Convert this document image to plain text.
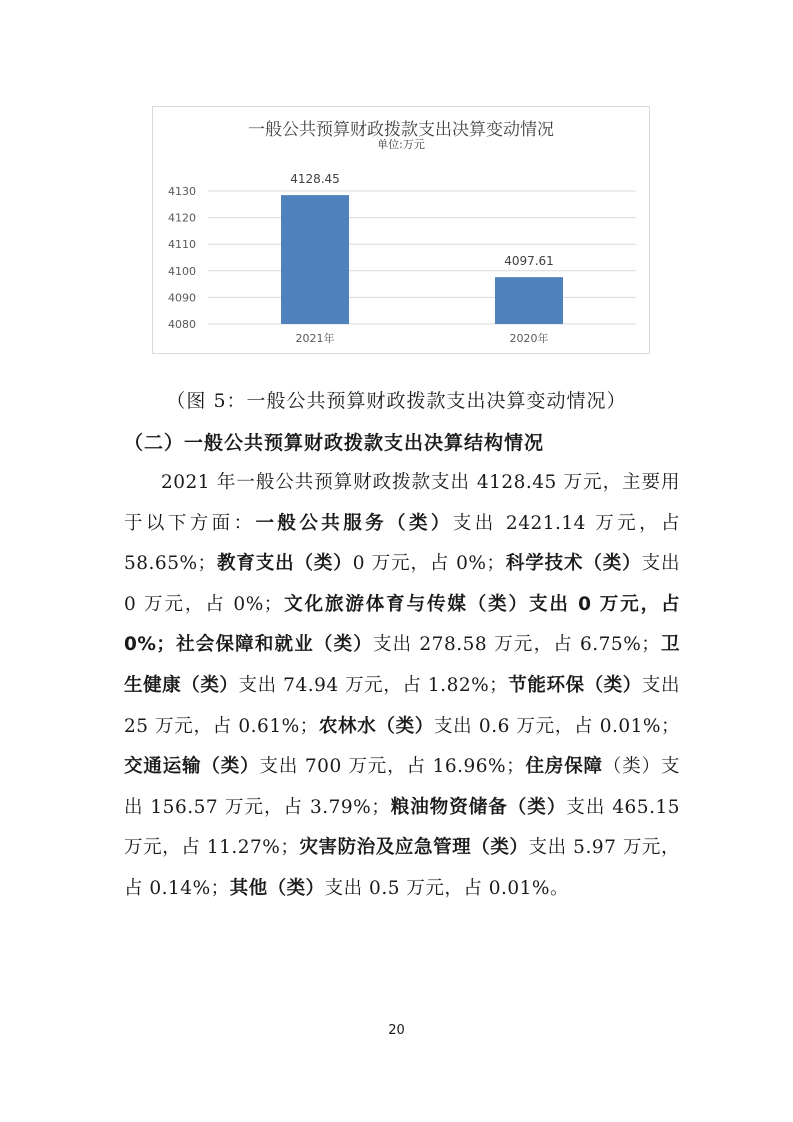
一般公共预算财政拨款支出决算变动情况
单位:万元
4080
4090
4100
4110
4120
4130
4128.45
2021年
4097.61
2020年
（图 5：一般公共预算财政拨款支出决算变动情况）
（二）一般公共预算财政拨款支出决算结构情况
2021 年一般公共预算财政拨款支出 4128.45 万元，主要用于以下方面：一般公共服务（类）支出 2421.14 万元，占 58.65%；教育支出（类）0 万元，占 0%；科学技术（类）支出 0 万元，占 0%；文化旅游体育与传媒（类）支出 0 万元，占 0%；社会保障和就业（类）支出 278.58 万元，占 6.75%；卫生健康（类）支出 74.94 万元，占 1.82%；节能环保（类）支出 25 万元，占 0.61%；农林水（类）支出 0.6 万元，占 0.01%；交通运输（类）支出 700 万元，占 16.96%；住房保障（类）支出 156.57 万元，占 3.79%；粮油物资储备（类）支出 465.15 万元，占 11.27%；灾害防治及应急管理（类）支出 5.97 万元，占 0.14%；其他（类）支出 0.5 万元，占 0.01%。
20
